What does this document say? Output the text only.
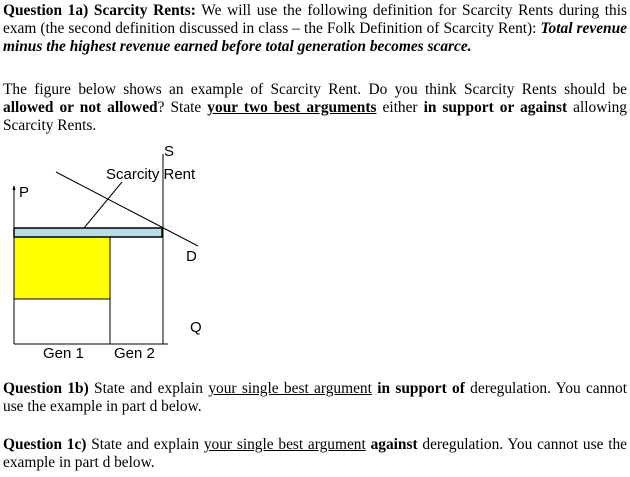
Question 1a) Scarcity Rents: We will use the following definition for Scarcity Rents during this exam (the second definition discussed in class – the Folk Definition of Scarcity Rent): Total revenue minus the highest revenue earned before total generation becomes scarce.
The figure below shows an example of Scarcity Rent. Do you think Scarcity Rents should be allowed or not allowed? State your two best arguments either in support or against allowing Scarcity Rents.
S
Scarcity Rent
P
D
Q
Gen 1 Gen 2
Question 1b) State and explain your single best argument in support of deregulation. You cannot use the example in part d below.
Question 1c) State and explain your single best argument against deregulation. You cannot use the example in part d below.
